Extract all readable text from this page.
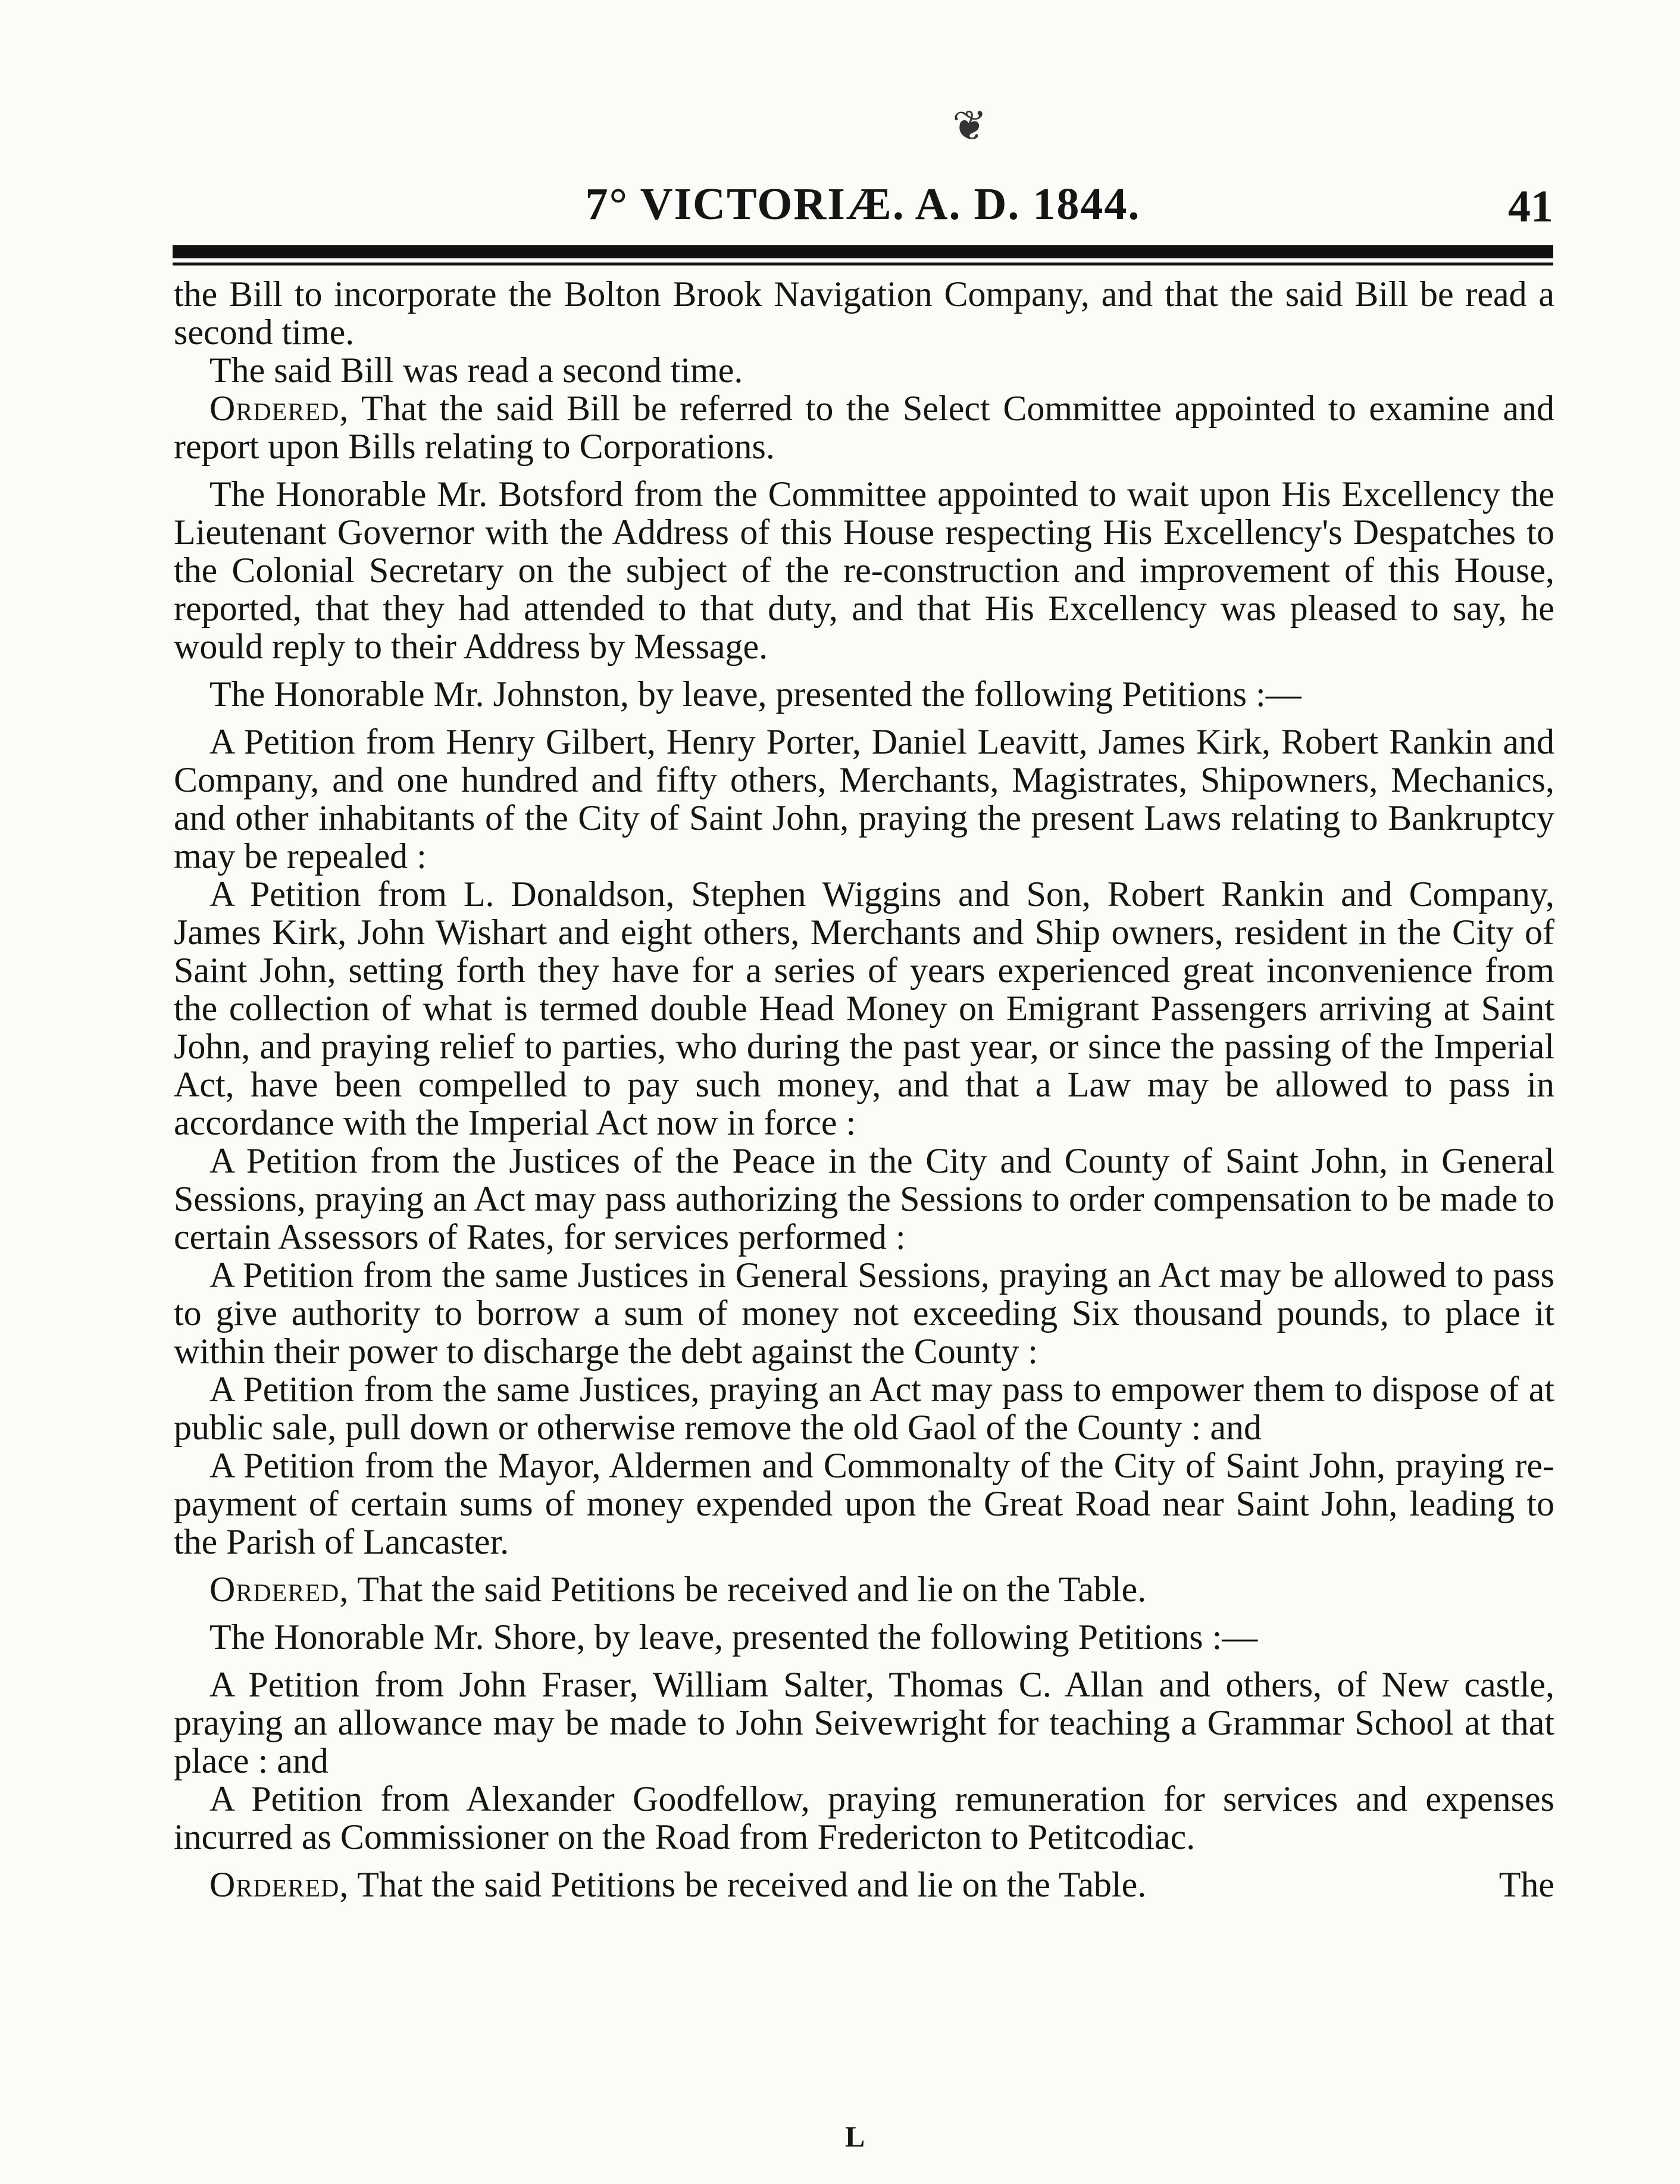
❦
7° VICTORIÆ. A. D. 1844.	41

the Bill to incorporate the Bolton Brook Navigation Company, and that the said Bill be read a second time.

The said Bill was read a second time.

Ordered, That the said Bill be referred to the Select Committee appointed to examine and report upon Bills relating to Corporations.

The Honorable Mr. Botsford from the Committee appointed to wait upon His Excellency the Lieutenant Governor with the Address of this House respecting His Excellency's Despatches to the Colonial Secretary on the subject of the re-construction and improvement of this House, reported, that they had attended to that duty, and that His Excellency was pleased to say, he would reply to their Address by Message.

The Honorable Mr. Johnston, by leave, presented the following Petitions :—

A Petition from Henry Gilbert, Henry Porter, Daniel Leavitt, James Kirk, Robert Rankin and Company, and one hundred and fifty others, Merchants, Magistrates, Shipowners, Mechanics, and other inhabitants of the City of Saint John, praying the present Laws relating to Bankruptcy may be repealed :

A Petition from L. Donaldson, Stephen Wiggins and Son, Robert Rankin and Company, James Kirk, John Wishart and eight others, Merchants and Ship owners, resident in the City of Saint John, setting forth they have for a series of years experienced great inconvenience from the collection of what is termed double Head Money on Emigrant Passengers arriving at Saint John, and praying relief to parties, who during the past year, or since the passing of the Imperial Act, have been compelled to pay such money, and that a Law may be allowed to pass in accordance with the Imperial Act now in force :

A Petition from the Justices of the Peace in the City and County of Saint John, in General Sessions, praying an Act may pass authorizing the Sessions to order compensation to be made to certain Assessors of Rates, for services performed :

A Petition from the same Justices in General Sessions, praying an Act may be allowed to pass to give authority to borrow a sum of money not exceeding Six thousand pounds, to place it within their power to discharge the debt against the County :

A Petition from the same Justices, praying an Act may pass to empower them to dispose of at public sale, pull down or otherwise remove the old Gaol of the County : and

A Petition from the Mayor, Aldermen and Commonalty of the City of Saint John, praying re-payment of certain sums of money expended upon the Great Road near Saint John, leading to the Parish of Lancaster.

Ordered, That the said Petitions be received and lie on the Table.

The Honorable Mr. Shore, by leave, presented the following Petitions :—

A Petition from John Fraser, William Salter, Thomas C. Allan and others, of New castle, praying an allowance may be made to John Seivewright for teaching a Grammar School at that place : and

A Petition from Alexander Goodfellow, praying remuneration for services and expenses incurred as Commissioner on the Road from Fredericton to Petitcodiac.

Ordered, That the said Petitions be received and lie on the Table.	The

L
